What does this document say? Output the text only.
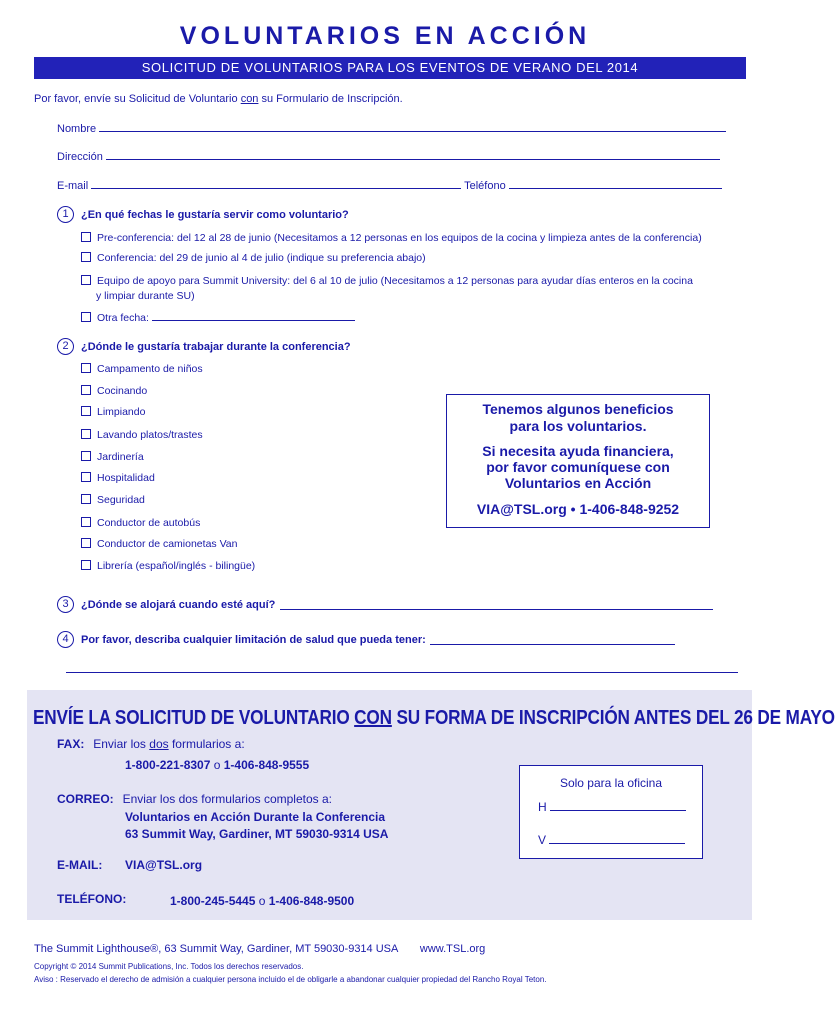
VOLUNTARIOS EN ACCIÓN
SOLICITUD DE VOLUNTARIOS PARA LOS EVENTOS DE VERANO DEL 2014
Por favor, envíe su Solicitud de Voluntario con su Formulario de Inscripción.
Nombre
Dirección
E-mail	Teléfono
1 ¿En qué fechas le gustaría servir como voluntario?
Pre-conferencia: del 12 al 28 de junio (Necesitamos a 12 personas en los equipos de la cocina y limpieza antes de la conferencia)
Conferencia: del 29 de junio al 4 de julio (indique su preferencia abajo)
Equipo de apoyo para Summit University: del 6 al 10 de julio (Necesitamos a 12 personas para ayudar días enteros en la cocina
y limpiar durante SU)
Otra fecha:
2 ¿Dónde le gustaría trabajar durante la conferencia?
Campamento de niños
Cocinando
Limpiando
Lavando platos/trastes
Jardinería
Hospitalidad
Seguridad
Conductor de autobús
Conductor de camionetas Van
Librería (español/inglés - bilingüe)
Tenemos algunos beneficios
para los voluntarios.
Si necesita ayuda financiera,
por favor comuníquese con
Voluntarios en Acción
VIA@TSL.org • 1-406-848-9252
3 ¿Dónde se alojará cuando esté aquí?
4 Por favor, describa cualquier limitación de salud que pueda tener:
ENVÍE LA SOLICITUD DE VOLUNTARIO CON SU FORMA DE INSCRIPCIÓN ANTES DEL 26 DE MAYO
FAX: Enviar los dos formularios a:
1-800-221-8307 o 1-406-848-9555
CORREO: Enviar los dos formularios completos a:
Voluntarios en Acción Durante la Conferencia
63 Summit Way, Gardiner, MT 59030-9314 USA
E-MAIL: VIA@TSL.org
TELÉFONO:	1-800-245-5445 o 1-406-848-9500
Solo para la oficina
H
V
The Summit Lighthouse®, 63 Summit Way, Gardiner, MT 59030-9314 USA www.TSL.org
Copyright © 2014 Summit Publications, Inc. Todos los derechos reservados.
Aviso : Reservado el derecho de admisión a cualquier persona incluido el de obligarle a abandonar cualquier propiedad del Rancho Royal Teton.
